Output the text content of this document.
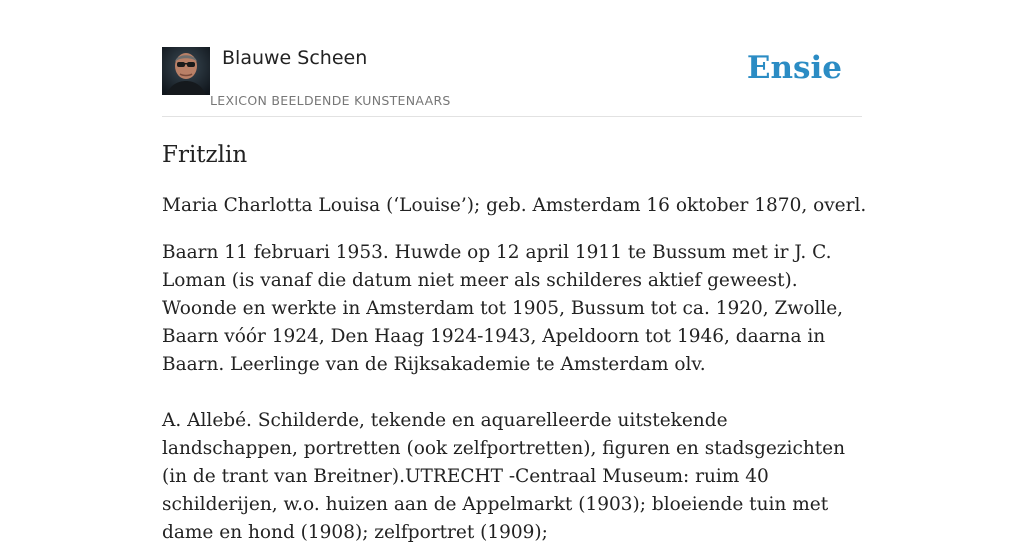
Blauwe Scheen
LEXICON BEELDENDE KUNSTENAARS
Ensie
Fritzlin

Maria Charlotta Louisa (‘Louise’); geb. Amsterdam 16 oktober 1870, overl.

Baarn 11 februari 1953. Huwde op 12 april 1911 te Bussum met ir J. C. Loman (is vanaf die datum niet meer als schilderes aktief geweest). Woonde en werkte in Amsterdam tot 1905, Bussum tot ca. 1920, Zwolle, Baarn vóór 1924, Den Haag 1924-1943, Apeldoorn tot 1946, daarna in Baarn. Leerlinge van de Rijksakademie te Amsterdam olv.

A. Allebé. Schilderde, tekende en aquarelleerde uitstekende landschappen, portretten (ook zelfportretten), figuren en stadsgezichten (in de trant van Breitner).UTRECHT -Centraal Museum: ruim 40 schilderijen, w.o. huizen aan de Appelmarkt (1903); bloeiende tuin met dame en hond (1908); zelfportret (1909);
